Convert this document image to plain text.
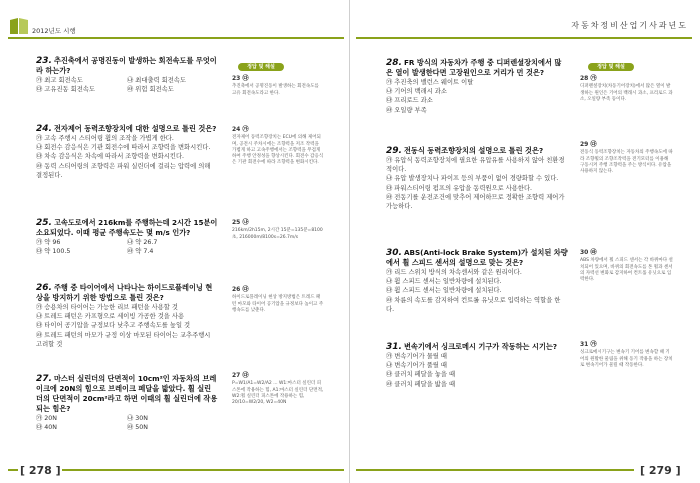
2012년도 시행
23. 추진축에서 공명진동이 발생하는 회전속도를 무엇이라 하는가?
㉮ 최고 회전속도	㉯ 최대출력 회전속도
㉰ 고유진동 회전속도	㉱ 위험 회전속도
24. 전자제어 동력조향장치에 대한 설명으로 틀린 것은?
㉮ 고속 주행시 스티어링 휠의 조작을 가볍게 한다.
㉯ 회전수 감응식은 기관 회전수에 따라서 조향력을 변화시킨다.
㉰ 차속 감응식은 차속에 따라서 조향력을 변화시킨다.
㉱ 동력 스티어링의 조향력은 파워 실린더에 걸리는 압력에 의해 결정된다.
25. 고속도로에서 216km를 주행하는데 2시간 15분이 소요되었다. 이때 평균 주행속도는 몇 m/s 인가?
㉮ 약 96	㉯ 약 26.7
㉰ 약 100.5	㉱ 약 7.4
26. 주행 중 타이어에서 나타나는 하이드로플레이닝 현상을 방지하기 위한 방법으로 틀린 것은?
㉮ 승용차의 타이어는 가능한 리브 패턴을 사용할 것
㉯ 트레드 패턴은 카프형으로 세이빙 가공한 것을 사용
㉰ 타이어 공기압을 규정보다 낮추고 주행속도를 높일 것
㉱ 트레드 패턴의 마모가 규정 이상 마모된 타이어는 교추주행시 고려할 것
27. 마스터 실린더의 단면적이 10cm²인 자동차의 브레이크에 20N의 힘으로 브레이크 페달을 밟았다. 휠 실린더의 단면적이 20cm²라고 하면 이때의 휠 실린더에 작용되는 힘은?
㉮ 20N	㉯ 30N
㉰ 40N	㉱ 50N
정답 및 해설
23 ㉰
추진축에서 공명진동이 발생하는 회전속도를 고유 회전속도라고 한다.
24 ㉮
전자제어 동력조향장치는 ECU에 의해 제어되며, 공전시 주차시에는 조향력을 저조 작력을 가볍게 하고 고속주행에서는 조향력을 무겁게 하여 주행 안정성을 향상시킨다. 회전수 감응식은 기관 회전수에 따라 조향력을 변화시킨다.
25 ㉯
216km/2h15m, 2시간 15분=135분=8100초, 216000m/8100s=26.7m/s
26 ㉰
하이드로플레이닝 현상 방지방법은 트레드 패턴 마모와 타이어 공기압을 규정보다 높이고 주행속도를 낮춘다.
27 ㉰
P=W1/A1=W2/A2 ... W1:마스터 실린더 피스톤에 작용하는 힘, A1:마스터 실린더 단면적, W2:휠 실린더 피스톤에 작용하는 힘, 20/10=W2/20, W2=40N
[ 278 ]
자동차정비산업기사과년도
28. FR 방식의 자동차가 주행 중 디퍼렌셜장치에서 많은 열이 발생한다면 고장원인으로 거리가 먼 것은?
㉮ 추진축의 밸런스 웨이트 이탈
㉯ 기어의 백래시 과소
㉰ 프리로드 과소
㉱ 오일량 부족
29. 전동식 동력조향장치의 설명으로 틀린 것은?
㉮ 유압식 동력조향장치에 필요한 유압유를 사용하지 않아 친환경적이다.
㉯ 유압 발생장치나 파이프 등의 부품이 없어 경량화할 수 있다.
㉰ 파워스티어링 펌프의 유압을 동력원으로 사용한다.
㉱ 전동기를 운전조건에 맞추어 제어하므로 정확한 조향력 제어가 가능하다.
30. ABS(Anti-lock Brake System)가 설치된 차량에서 휠 스피드 센서의 설명으로 맞는 것은?
㉮ 리드 스위치 방식의 차속센서와 같은 원리이다.
㉯ 휠 스피드 센서는 일반차량에 설치된다.
㉰ 휠 스피드 센서는 일반차량에 설치된다.
㉱ 차륜의 속도를 감지하여 컨트롤 유닛으로 입력하는 역할을 한다.
31. 변속기에서 싱크로메시 기구가 작동하는 시기는?
㉮ 변속기어가 물릴 때
㉯ 변속기어가 풀릴 때
㉰ 클러치 페달을 놓을 때
㉱ 클러치 페달을 밟을 때
정답 및 해설
28 ㉮
디퍼렌셜장치(차동기어장치)에서 많은 열이 발생하는 원인은 기어의 백래시 과소, 프리로드 과소, 오일량 부족 등이다.
29 ㉰
전동식 동력조향장치는 자동차의 주행속도에 따라 조향휠의 조향조작력을 전기모터를 이용해 구동시켜 주행 조향력을 주는 방식이다. 유압을 사용하지 않는다.
30 ㉱
ABS 차량에서 휠 스피드 센서는 각 바퀴마다 설치되어 있으며, 바퀴의 회전속도를 톤 휠과 센서의 자력선 변화로 감지하여 컨트롤 유닛으로 입력한다.
31 ㉮
싱크로메시기구는 변속기 기어를 변속할 때 기어의 원활한 물림을 위해 동기 작용을 하는 장치로 변속기어가 물릴 때 작동한다.
[ 279 ]
